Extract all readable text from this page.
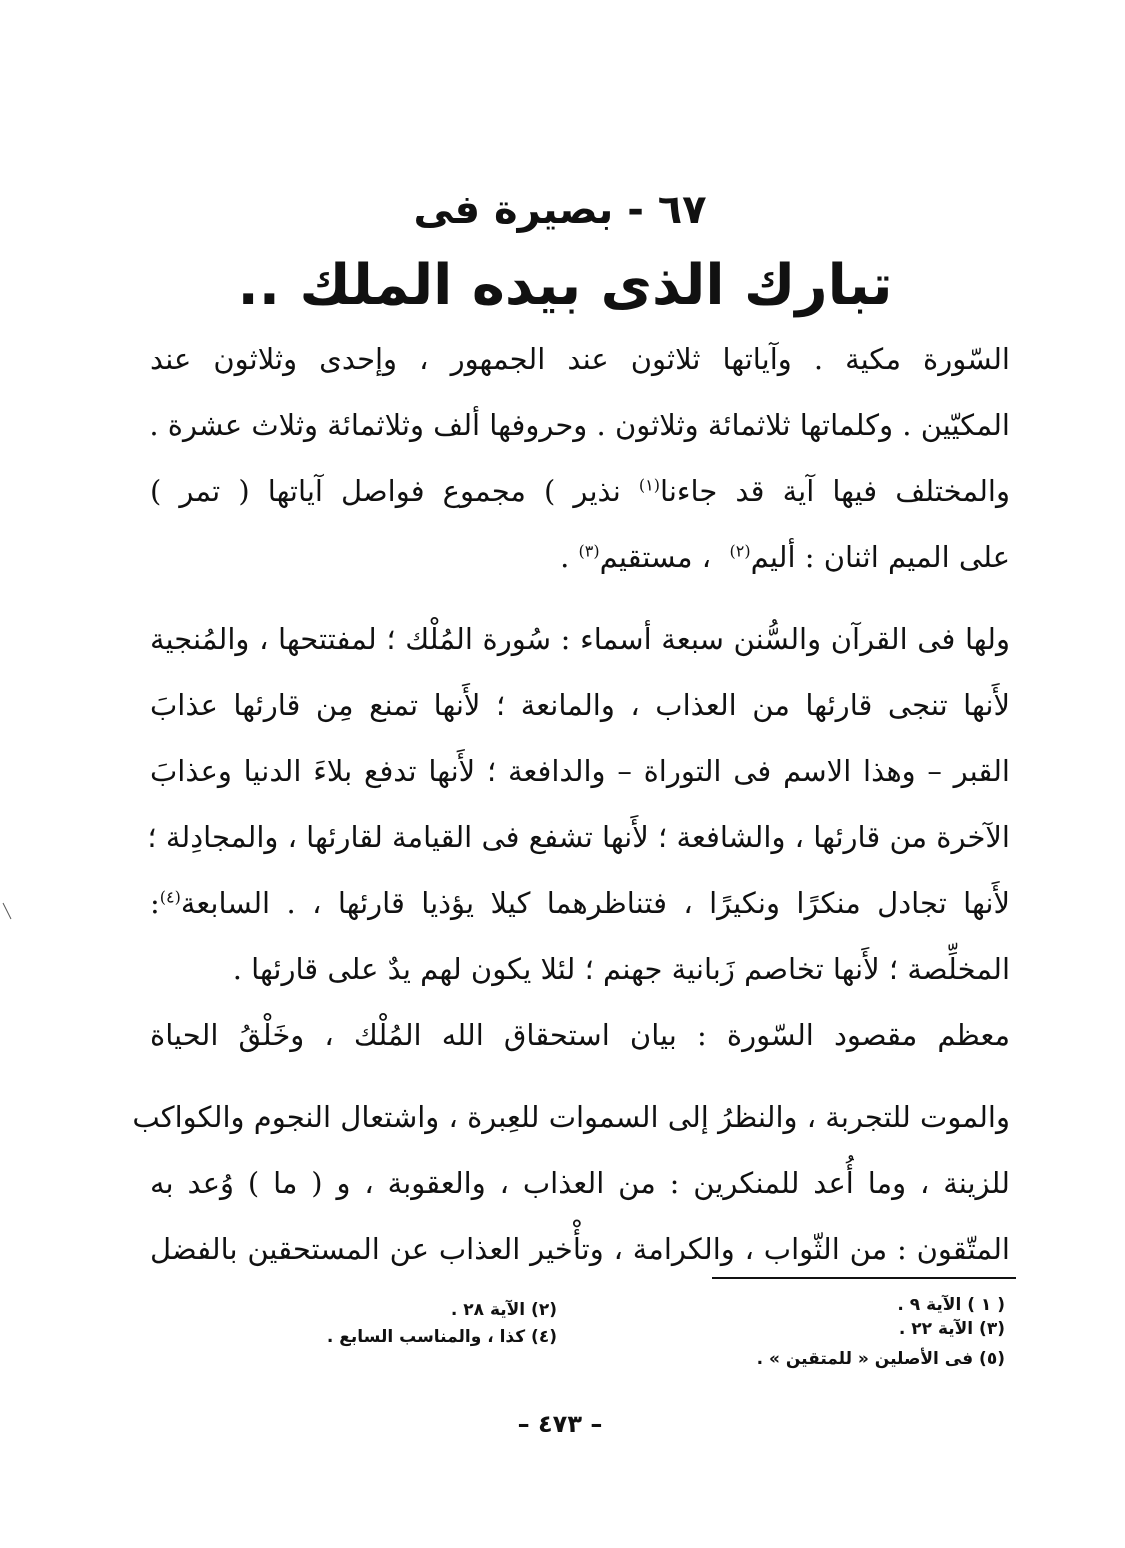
٦٧ - بصيرة فى
تبارك الذى بيده الملك ..
السّورة مكية . وآياتها ثلاثون عند الجمهور ، وإحدى وثلاثون عند
المكيّين . وكلماتها ثلاثمائة وثلاثون . وحروفها ألف وثلاثمائة وثلاث عشرة .
والمختلف فيها آية قد جاءنا$^{(١)}$ نذير ) مجموع فواصل آياتها ( تمر )
على الميم اثنان : أليم$^{(٢)}$  ، مستقيم$^{(٣)}$ .
ولها فى القرآن والسُّنن سبعة أسماء : سُورة المُلْك ؛ لمفتتحها ، والمُنجية
لأَنها تنجى قارئها من العذاب ، والمانعة ؛ لأَنها تمنع مِن قارئها عذابَ
القبر – وهذا الاسم فى التوراة – والدافعة ؛ لأَنها تدفع بلاءَ الدنيا وعذابَ
الآخرة من قارئها ، والشافعة ؛ لأَنها تشفع فى القيامة لقارئها ، والمجادِلة ؛
لأَنها تجادل منكرًا ونكيرًا ، فتناظرهما كيلا يؤذيا قارئها ، . السابعة$^{(٤)}$:
المخلِّصة ؛ لأَنها تخاصم زَبانية جهنم ؛ لئلا يكون لهم يدٌ على قارئها .
معظم مقصود السّورة : بيان استحقاق الله المُلْك ، وخَلْقُ الحياة
والموت للتجربة ، والنظرُ إلى السموات للعِبرة ، واشتعال النجوم والكواكب
للزينة ، وما أُعد للمنكرين : من العذاب ، والعقوبة ، و ( ما ) وُعد به
المتّقون : من الثّواب ، والكرامة ، وتأْخير العذاب عن المستحقين بالفضل
( ١ ) الآية ٩ .
(٢) الآية ٢٨ .
(٣) الآية ٢٢ .
(٤) كذا ، والمناسب السابع .
(٥) فى الأصلين « للمتقين » .
– ٤٧٣ –
